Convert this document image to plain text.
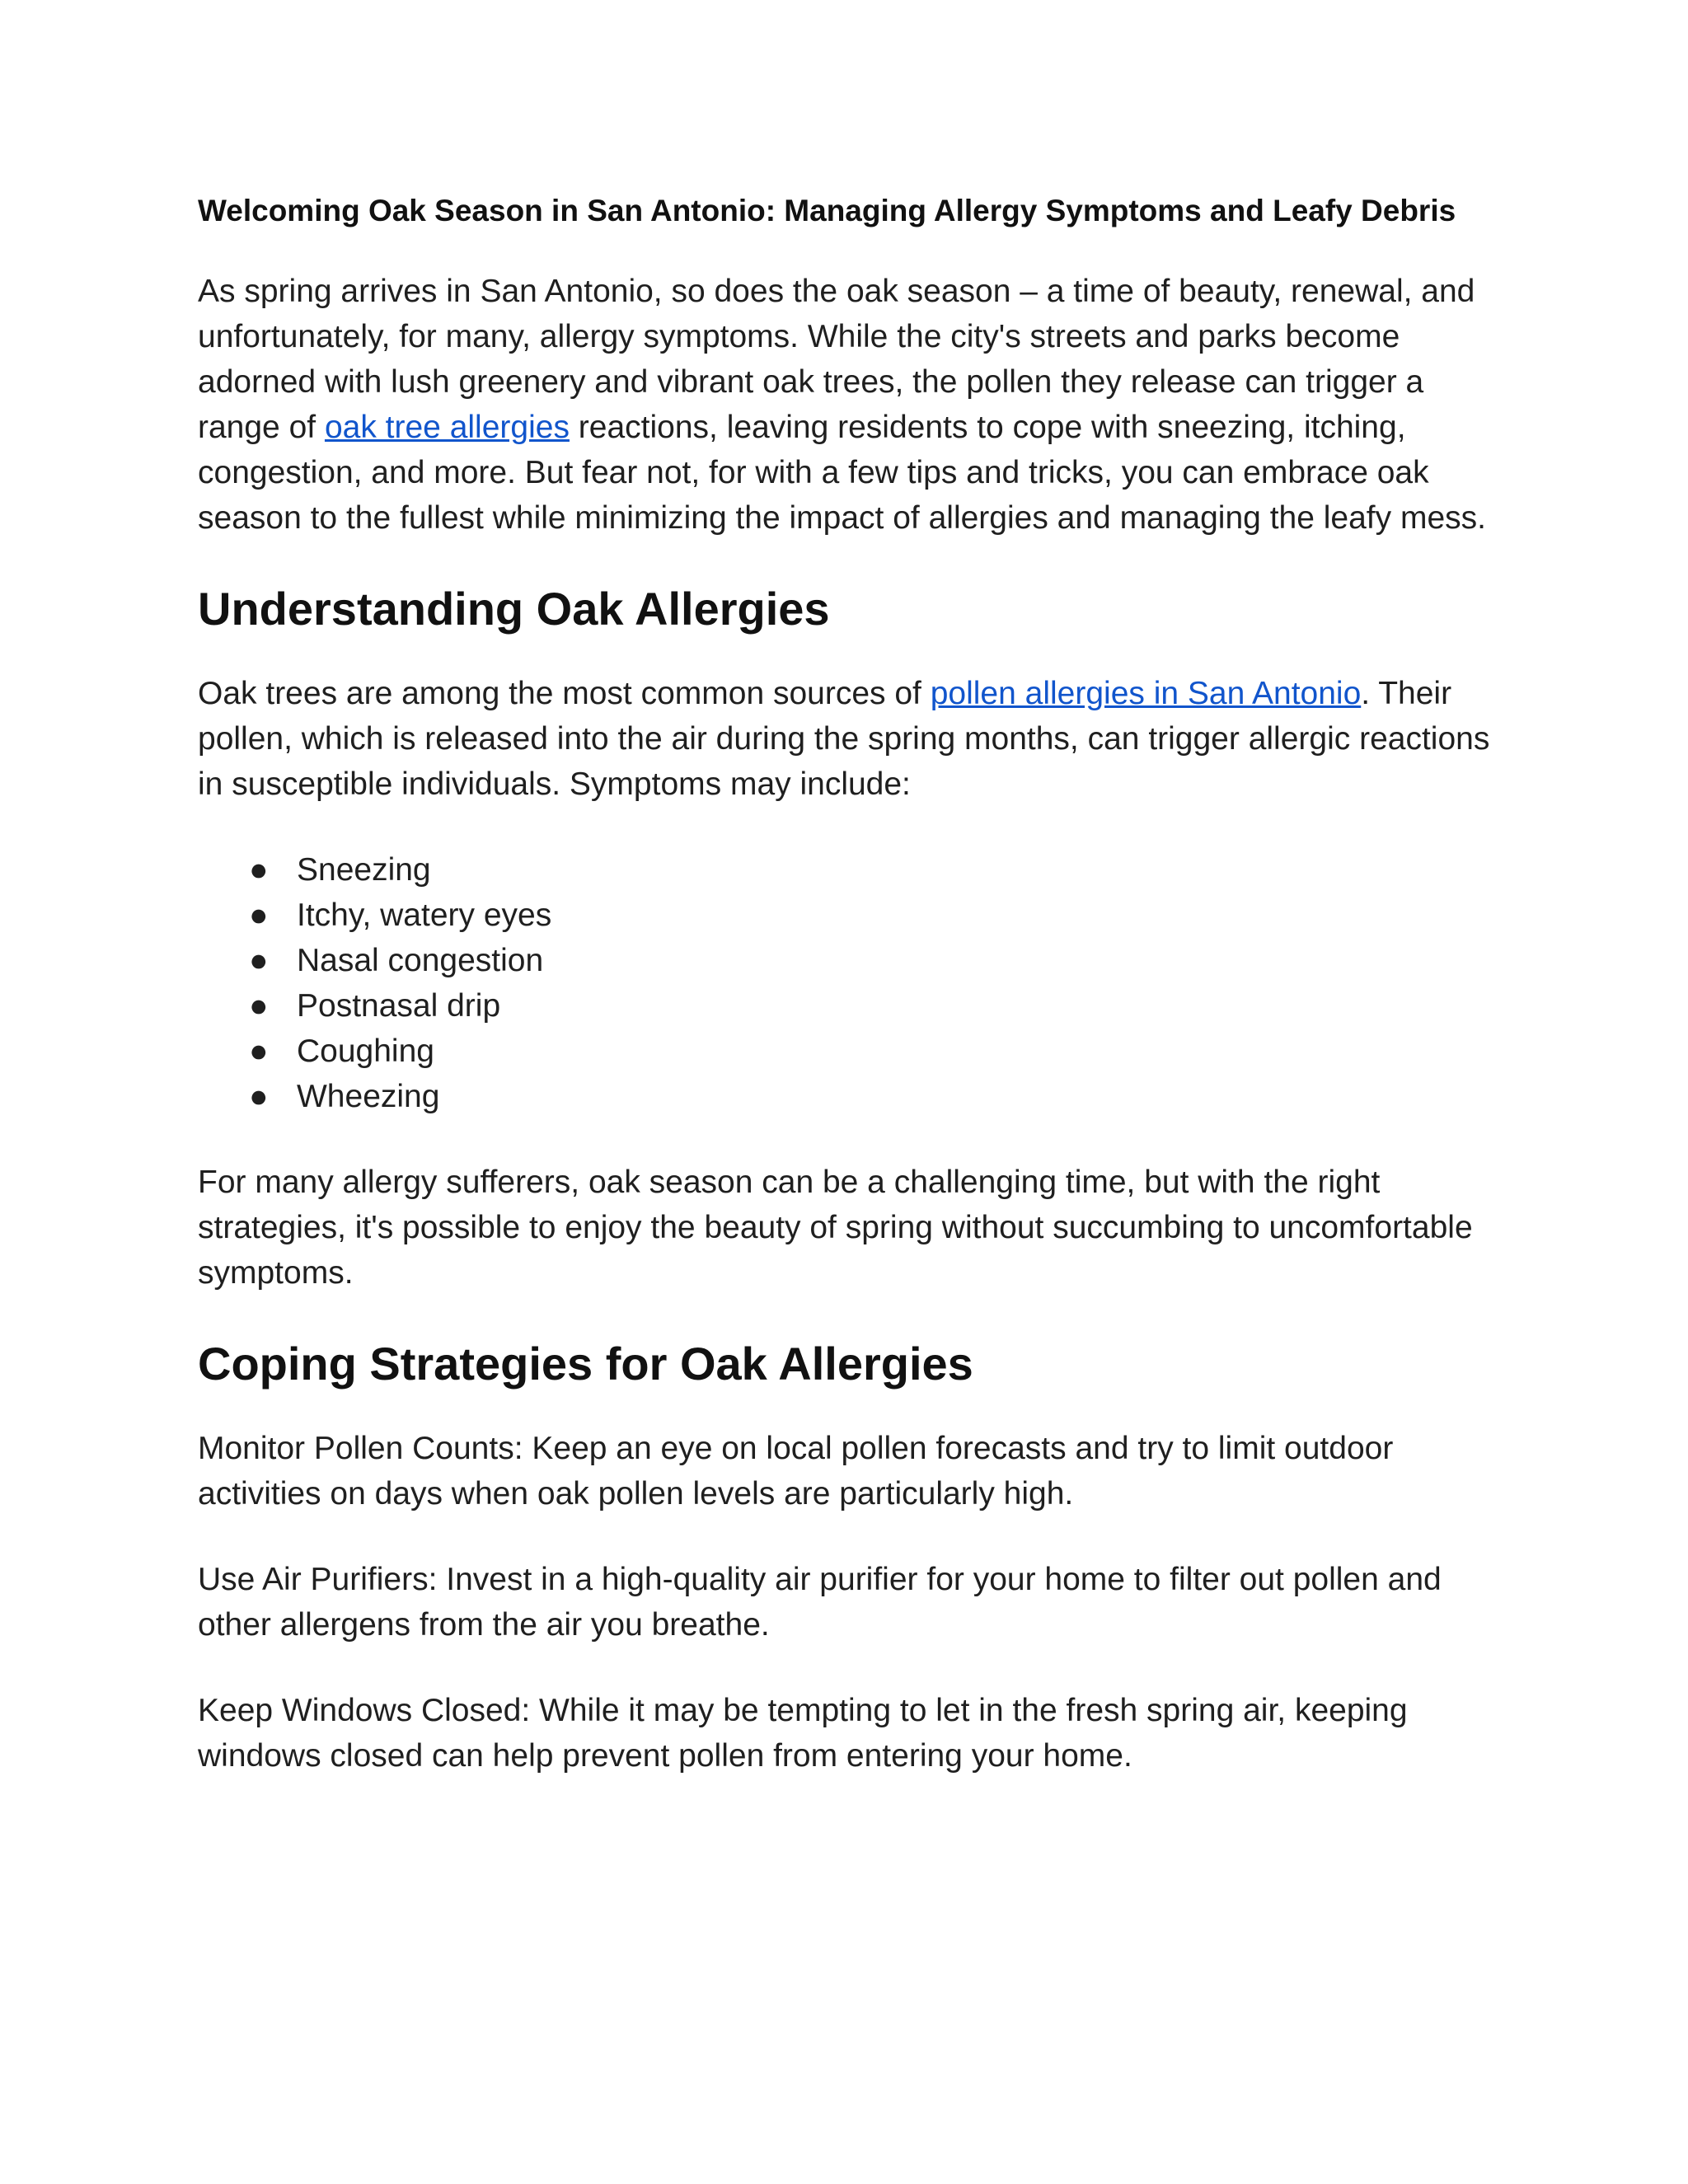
Welcoming Oak Season in San Antonio: Managing Allergy Symptoms and Leafy Debris

As spring arrives in San Antonio, so does the oak season – a time of beauty, renewal, and unfortunately, for many, allergy symptoms. While the city's streets and parks become adorned with lush greenery and vibrant oak trees, the pollen they release can trigger a range of oak tree allergies reactions, leaving residents to cope with sneezing, itching, congestion, and more. But fear not, for with a few tips and tricks, you can embrace oak season to the fullest while minimizing the impact of allergies and managing the leafy mess.

Understanding Oak Allergies

Oak trees are among the most common sources of pollen allergies in San Antonio. Their pollen, which is released into the air during the spring months, can trigger allergic reactions in susceptible individuals. Symptoms may include:

● Sneezing
● Itchy, watery eyes
● Nasal congestion
● Postnasal drip
● Coughing
● Wheezing

For many allergy sufferers, oak season can be a challenging time, but with the right strategies, it's possible to enjoy the beauty of spring without succumbing to uncomfortable symptoms.

Coping Strategies for Oak Allergies

Monitor Pollen Counts: Keep an eye on local pollen forecasts and try to limit outdoor activities on days when oak pollen levels are particularly high.

Use Air Purifiers: Invest in a high-quality air purifier for your home to filter out pollen and other allergens from the air you breathe.

Keep Windows Closed: While it may be tempting to let in the fresh spring air, keeping windows closed can help prevent pollen from entering your home.
